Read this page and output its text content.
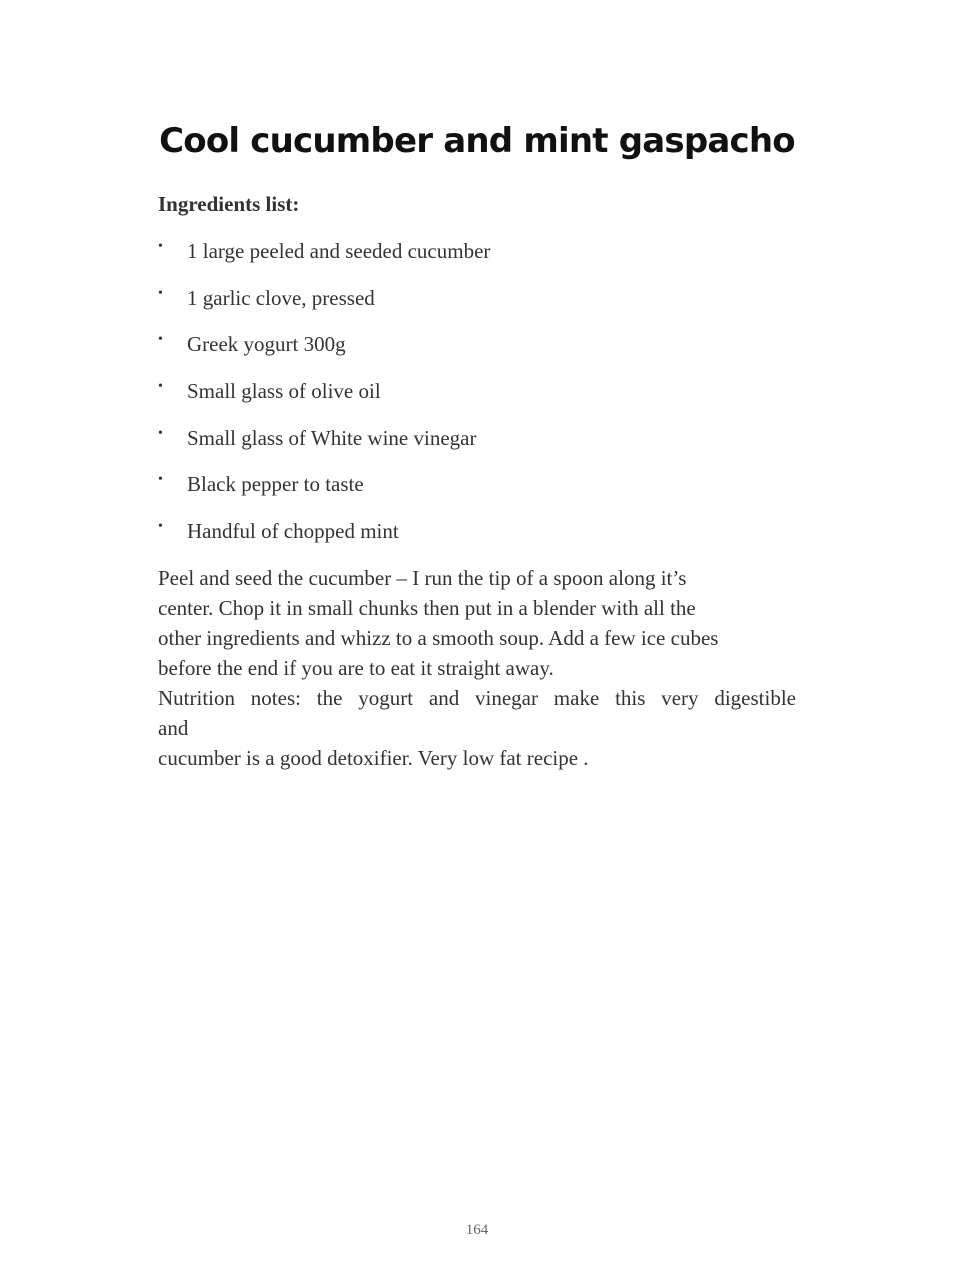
Cool cucumber and mint gaspacho
Ingredients list:
• 1 large peeled and seeded cucumber
• 1 garlic clove, pressed
• Greek yogurt 300g
• Small glass of olive oil
• Small glass of White wine vinegar
• Black pepper to taste
• Handful of chopped mint

Peel and seed the cucumber – I run the tip of a spoon along it’s

center. Chop it in small chunks then put in a blender with all the

other ingredients and whizz to a smooth soup. Add a few ice cubes

before the end if you are to eat it straight away.

Nutrition notes: the yogurt and vinegar make this very digestible

and

cucumber is a good detoxifier. Very low fat recipe .

164
